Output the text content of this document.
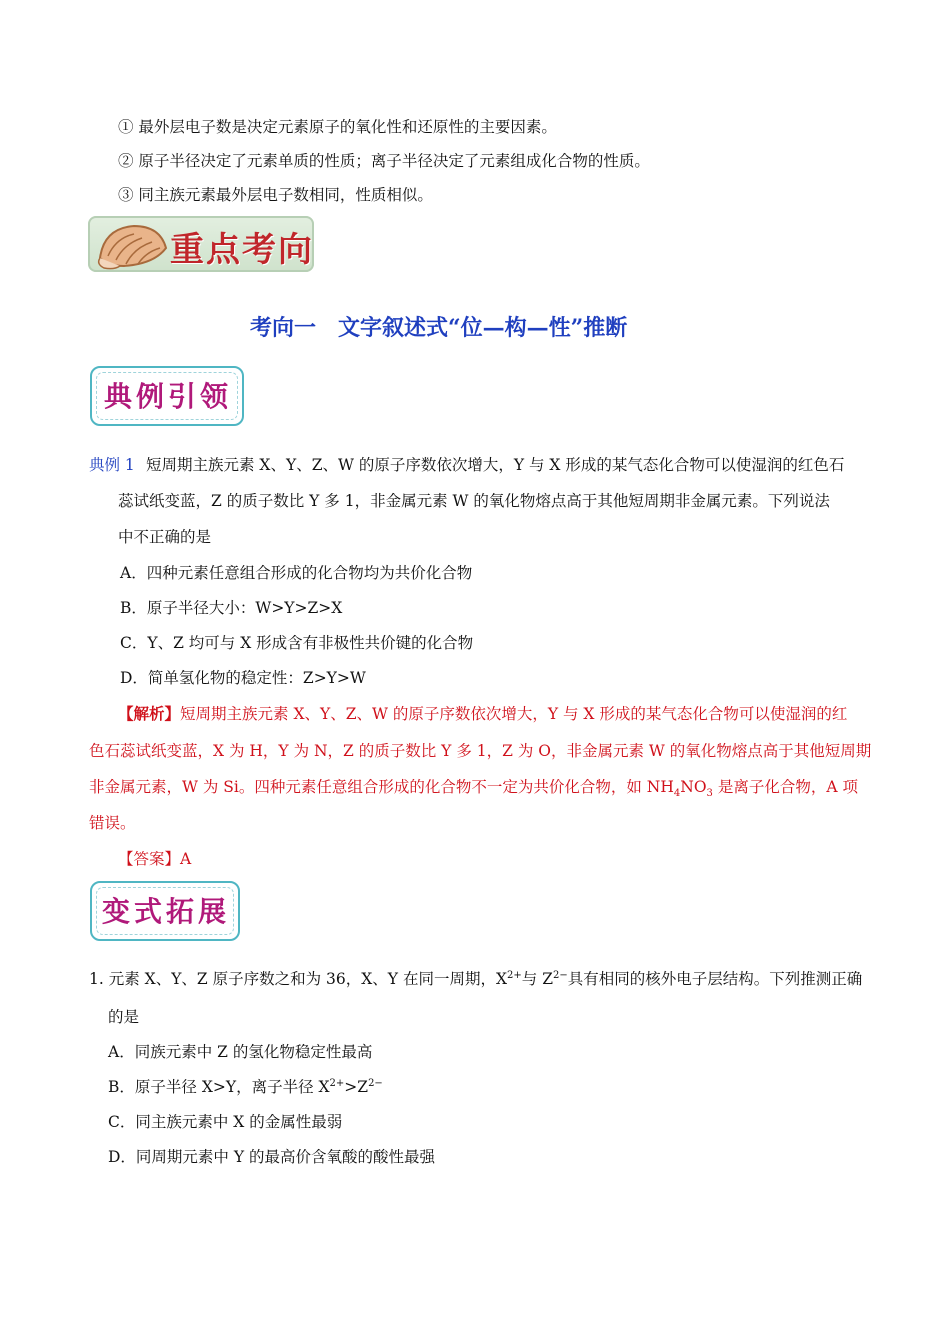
① 最外层电子数是决定元素原子的氧化性和还原性的主要因素。
② 原子半径决定了元素单质的性质；离子半径决定了元素组成化合物的性质。
③ 同主族元素最外层电子数相同，性质相似。
重点考向
考向一　文字叙述式“位—构—性”推断
典例引领
典例 1 短周期主族元素 X、Y、Z、W 的原子序数依次增大，Y 与 X 形成的某气态化合物可以使湿润的红色石
蕊试纸变蓝，Z 的质子数比 Y 多 1，非金属元素 W 的氧化物熔点高于其他短周期非金属元素。下列说法
中不正确的是
A．四种元素任意组合形成的化合物均为共价化合物
B．原子半径大小：W>Y>Z>X
C．Y、Z 均可与 X 形成含有非极性共价键的化合物
D．简单氢化物的稳定性：Z>Y>W
【解析】短周期主族元素 X、Y、Z、W 的原子序数依次增大，Y 与 X 形成的某气态化合物可以使湿润的红
色石蕊试纸变蓝，X 为 H，Y 为 N，Z 的质子数比 Y 多 1，Z 为 O，非金属元素 W 的氧化物熔点高于其他短周期
非金属元素，W 为 Si。四种元素任意组合形成的化合物不一定为共价化合物，如 $NH_4NO_3$ 是离子化合物，A 项
错误。
【答案】A
变式拓展
1. 元素 X、Y、Z 原子序数之和为 36，X、Y 在同一周期，$X^{2+}$与 $Z^{2-}$具有相同的核外电子层结构。下列推测正确
的是
A．同族元素中 Z 的氢化物稳定性最高
B．原子半径 X>Y，离子半径 $X^{2+}>Z^{2-}$
C．同主族元素中 X 的金属性最弱
D．同周期元素中 Y 的最高价含氧酸的酸性最强
